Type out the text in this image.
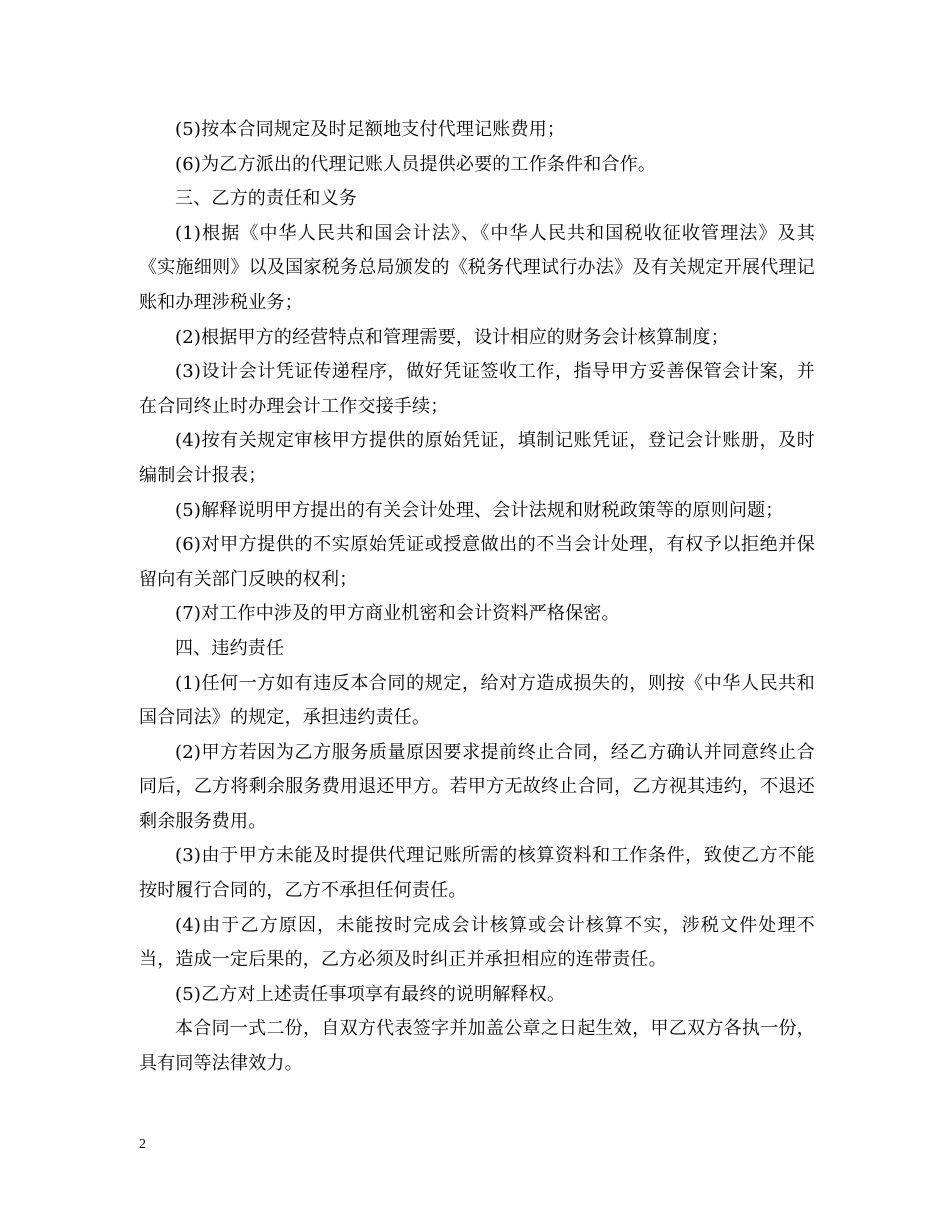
(5)按本合同规定及时足额地支付代理记账费用；

(6)为乙方派出的代理记账人员提供必要的工作条件和合作。

三、乙方的责任和义务

(1)根据《中华人民共和国会计法》、《中华人民共和国税收征收管理法》及其《实施细则》以及国家税务总局颁发的《税务代理试行办法》及有关规定开展代理记账和办理涉税业务；

(2)根据甲方的经营特点和管理需要，设计相应的财务会计核算制度；

(3)设计会计凭证传递程序，做好凭证签收工作，指导甲方妥善保管会计案，并在合同终止时办理会计工作交接手续；

(4)按有关规定审核甲方提供的原始凭证，填制记账凭证，登记会计账册，及时编制会计报表；

(5)解释说明甲方提出的有关会计处理、会计法规和财税政策等的原则问题；

(6)对甲方提供的不实原始凭证或授意做出的不当会计处理，有权予以拒绝并保留向有关部门反映的权利；

(7)对工作中涉及的甲方商业机密和会计资料严格保密。

四、违约责任

(1)任何一方如有违反本合同的规定，给对方造成损失的，则按《中华人民共和国合同法》的规定，承担违约责任。

(2)甲方若因为乙方服务质量原因要求提前终止合同，经乙方确认并同意终止合同后，乙方将剩余服务费用退还甲方。若甲方无故终止合同，乙方视其违约，不退还剩余服务费用。

(3)由于甲方未能及时提供代理记账所需的核算资料和工作条件，致使乙方不能按时履行合同的，乙方不承担任何责任。

(4)由于乙方原因，未能按时完成会计核算或会计核算不实，涉税文件处理不当，造成一定后果的，乙方必须及时纠正并承担相应的连带责任。

(5)乙方对上述责任事项享有最终的说明解释权。

本合同一式二份，自双方代表签字并加盖公章之日起生效，甲乙双方各执一份，具有同等法律效力。

2
